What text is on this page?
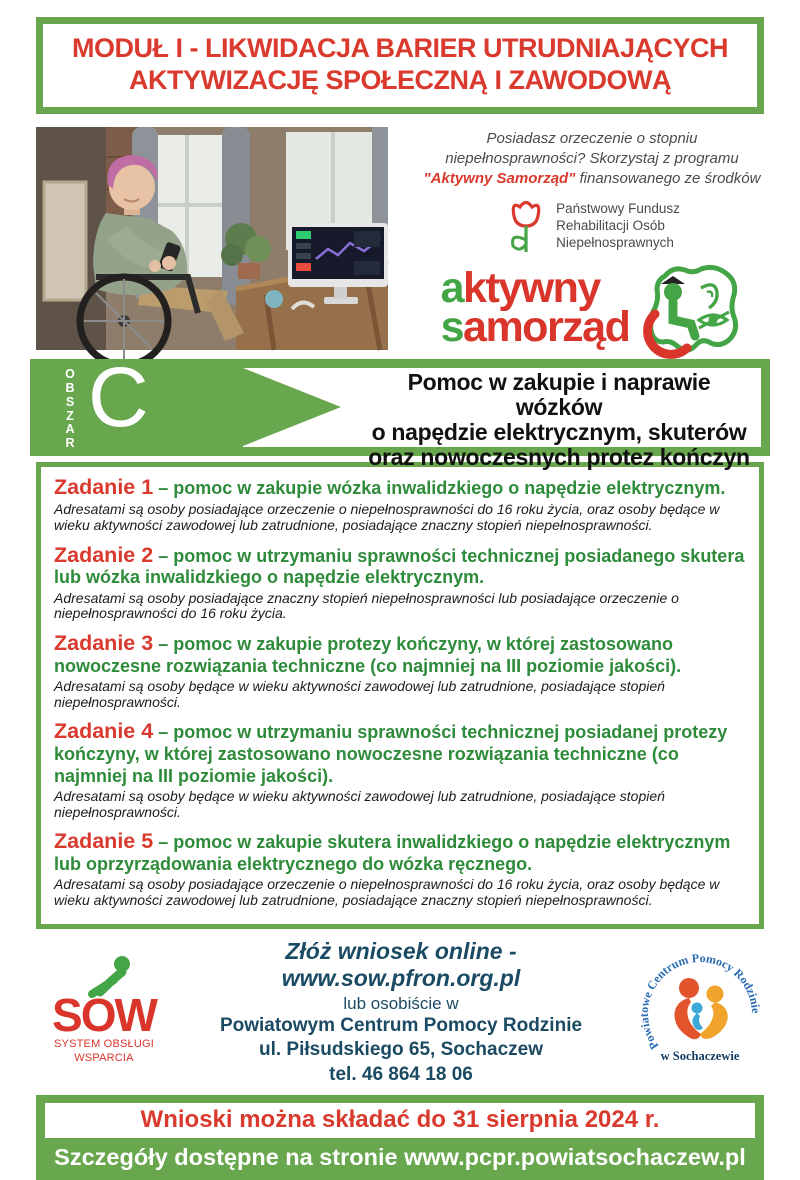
MODUŁ I - LIKWIDACJA BARIER UTRUDNIAJĄCYCH
AKTYWIZACJĘ SPOŁECZNĄ I ZAWODOWĄ
Posiadasz orzeczenie o stopniu
niepełnosprawności? Skorzystaj z programu
"Aktywny Samorząd" finansowanego ze środków
Państwowy Fundusz
Rehabilitacji Osób
Niepełnosprawnych
aktywny
samorząd
OBSZAR C	Pomoc w zakupie i naprawie wózków
o napędzie elektrycznym, skuterów
oraz nowoczesnych protez kończyn
Zadanie 1 – pomoc w zakupie wózka inwalidzkiego o napędzie elektrycznym.
Adresatami są osoby posiadające orzeczenie o niepełnosprawności do 16 roku życia, oraz osoby będące w wieku aktywności zawodowej lub zatrudnione, posiadające znaczny stopień niepełnosprawności.
Zadanie 2 – pomoc w utrzymaniu sprawności technicznej posiadanego skutera lub wózka inwalidzkiego o napędzie elektrycznym.
Adresatami są osoby posiadające znaczny stopień niepełnosprawności lub posiadające orzeczenie o niepełnosprawności do 16 roku życia.
Zadanie 3 – pomoc w zakupie protezy kończyny, w której zastosowano nowoczesne rozwiązania techniczne (co najmniej na III poziomie jakości).
Adresatami są osoby będące w wieku aktywności zawodowej lub zatrudnione, posiadające stopień niepełnosprawności.
Zadanie 4 – pomoc w utrzymaniu sprawności technicznej posiadanej protezy kończyny, w której zastosowano nowoczesne rozwiązania techniczne (co najmniej na III poziomie jakości).
Adresatami są osoby będące w wieku aktywności zawodowej lub zatrudnione, posiadające stopień niepełnosprawności.
Zadanie 5 – pomoc w zakupie skutera inwalidzkiego o napędzie elektrycznym lub oprzyrządowania elektrycznego do wózka ręcznego.
Adresatami są osoby posiadające orzeczenie o niepełnosprawności do 16 roku życia, oraz osoby będące w wieku aktywności zawodowej lub zatrudnione, posiadające znaczny stopień niepełnosprawności.
SOW
SYSTEM OBSŁUGI
WSPARCIA
Złóż wniosek online - www.sow.pfron.org.pl
lub osobiście w
Powiatowym Centrum Pomocy Rodzinie
ul. Piłsudskiego 65, Sochaczew
tel. 46 864 18 06
Powiatowe Centrum Pomocy Rodzinie
w Sochaczewie
Wnioski można składać do 31 sierpnia 2024 r.
Szczegóły dostępne na stronie www.pcpr.powiatsochaczew.pl
